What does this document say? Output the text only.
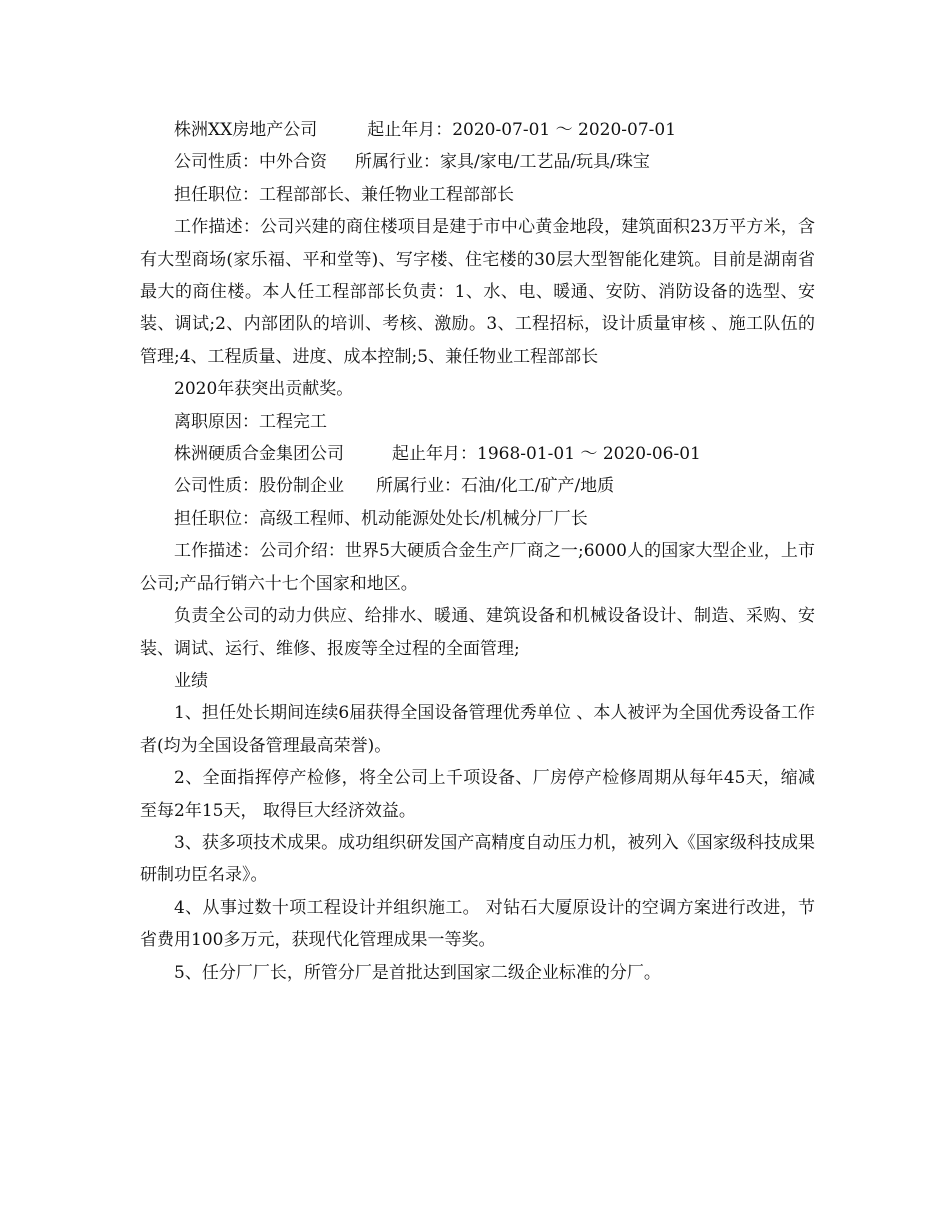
株洲XX房地产公司	起止年月：2020-07-01 ～ 2020-07-01
公司性质：中外合资 所属行业：家具/家电/工艺品/玩具/珠宝

担任职位：工程部部长、兼任物业工程部部长

工作描述：公司兴建的商住楼项目是建于市中心黄金地段，建筑面积23万平方米，含有大型商场(家乐福、平和堂等)、写字楼、住宅楼的30层大型智能化建筑。目前是湖南省最大的商住楼。本人任工程部部长负责：1、水、电、暖通、安防、消防设备的选型、安装、调试;2、内部团队的培训、考核、激励。3、工程招标，设计质量审核 、施工队伍的管理;4、工程质量、进度、成本控制;5、兼任物业工程部部长

2020年获突出贡献奖。

离职原因：工程完工

株洲硬质合金集团公司	起止年月：1968-01-01 ～ 2020-06-01
公司性质：股份制企业 所属行业：石油/化工/矿产/地质

担任职位：高级工程师、机动能源处处长/机械分厂厂长

工作描述：公司介绍：世界5大硬质合金生产厂商之一;6000人的国家大型企业，上市公司;产品行销六十七个国家和地区。

负责全公司的动力供应、给排水、暖通、建筑设备和机械设备设计、制造、采购、安装、调试、运行、维修、报废等全过程的全面管理;

业绩

1、担任处长期间连续6届获得全国设备管理优秀单位 、本人被评为全国优秀设备工作者(均为全国设备管理最高荣誉)。

2、全面指挥停产检修，将全公司上千项设备、厂房停产检修周期从每年45天，缩减至每2年15天， 取得巨大经济效益。

3、获多项技术成果。成功组织研发国产高精度自动压力机，被列入《国家级科技成果研制功臣名录》。

4、从事过数十项工程设计并组织施工。 对钻石大厦原设计的空调方案进行改进，节省费用100多万元，获现代化管理成果一等奖。

5、任分厂厂长，所管分厂是首批达到国家二级企业标准的分厂。
